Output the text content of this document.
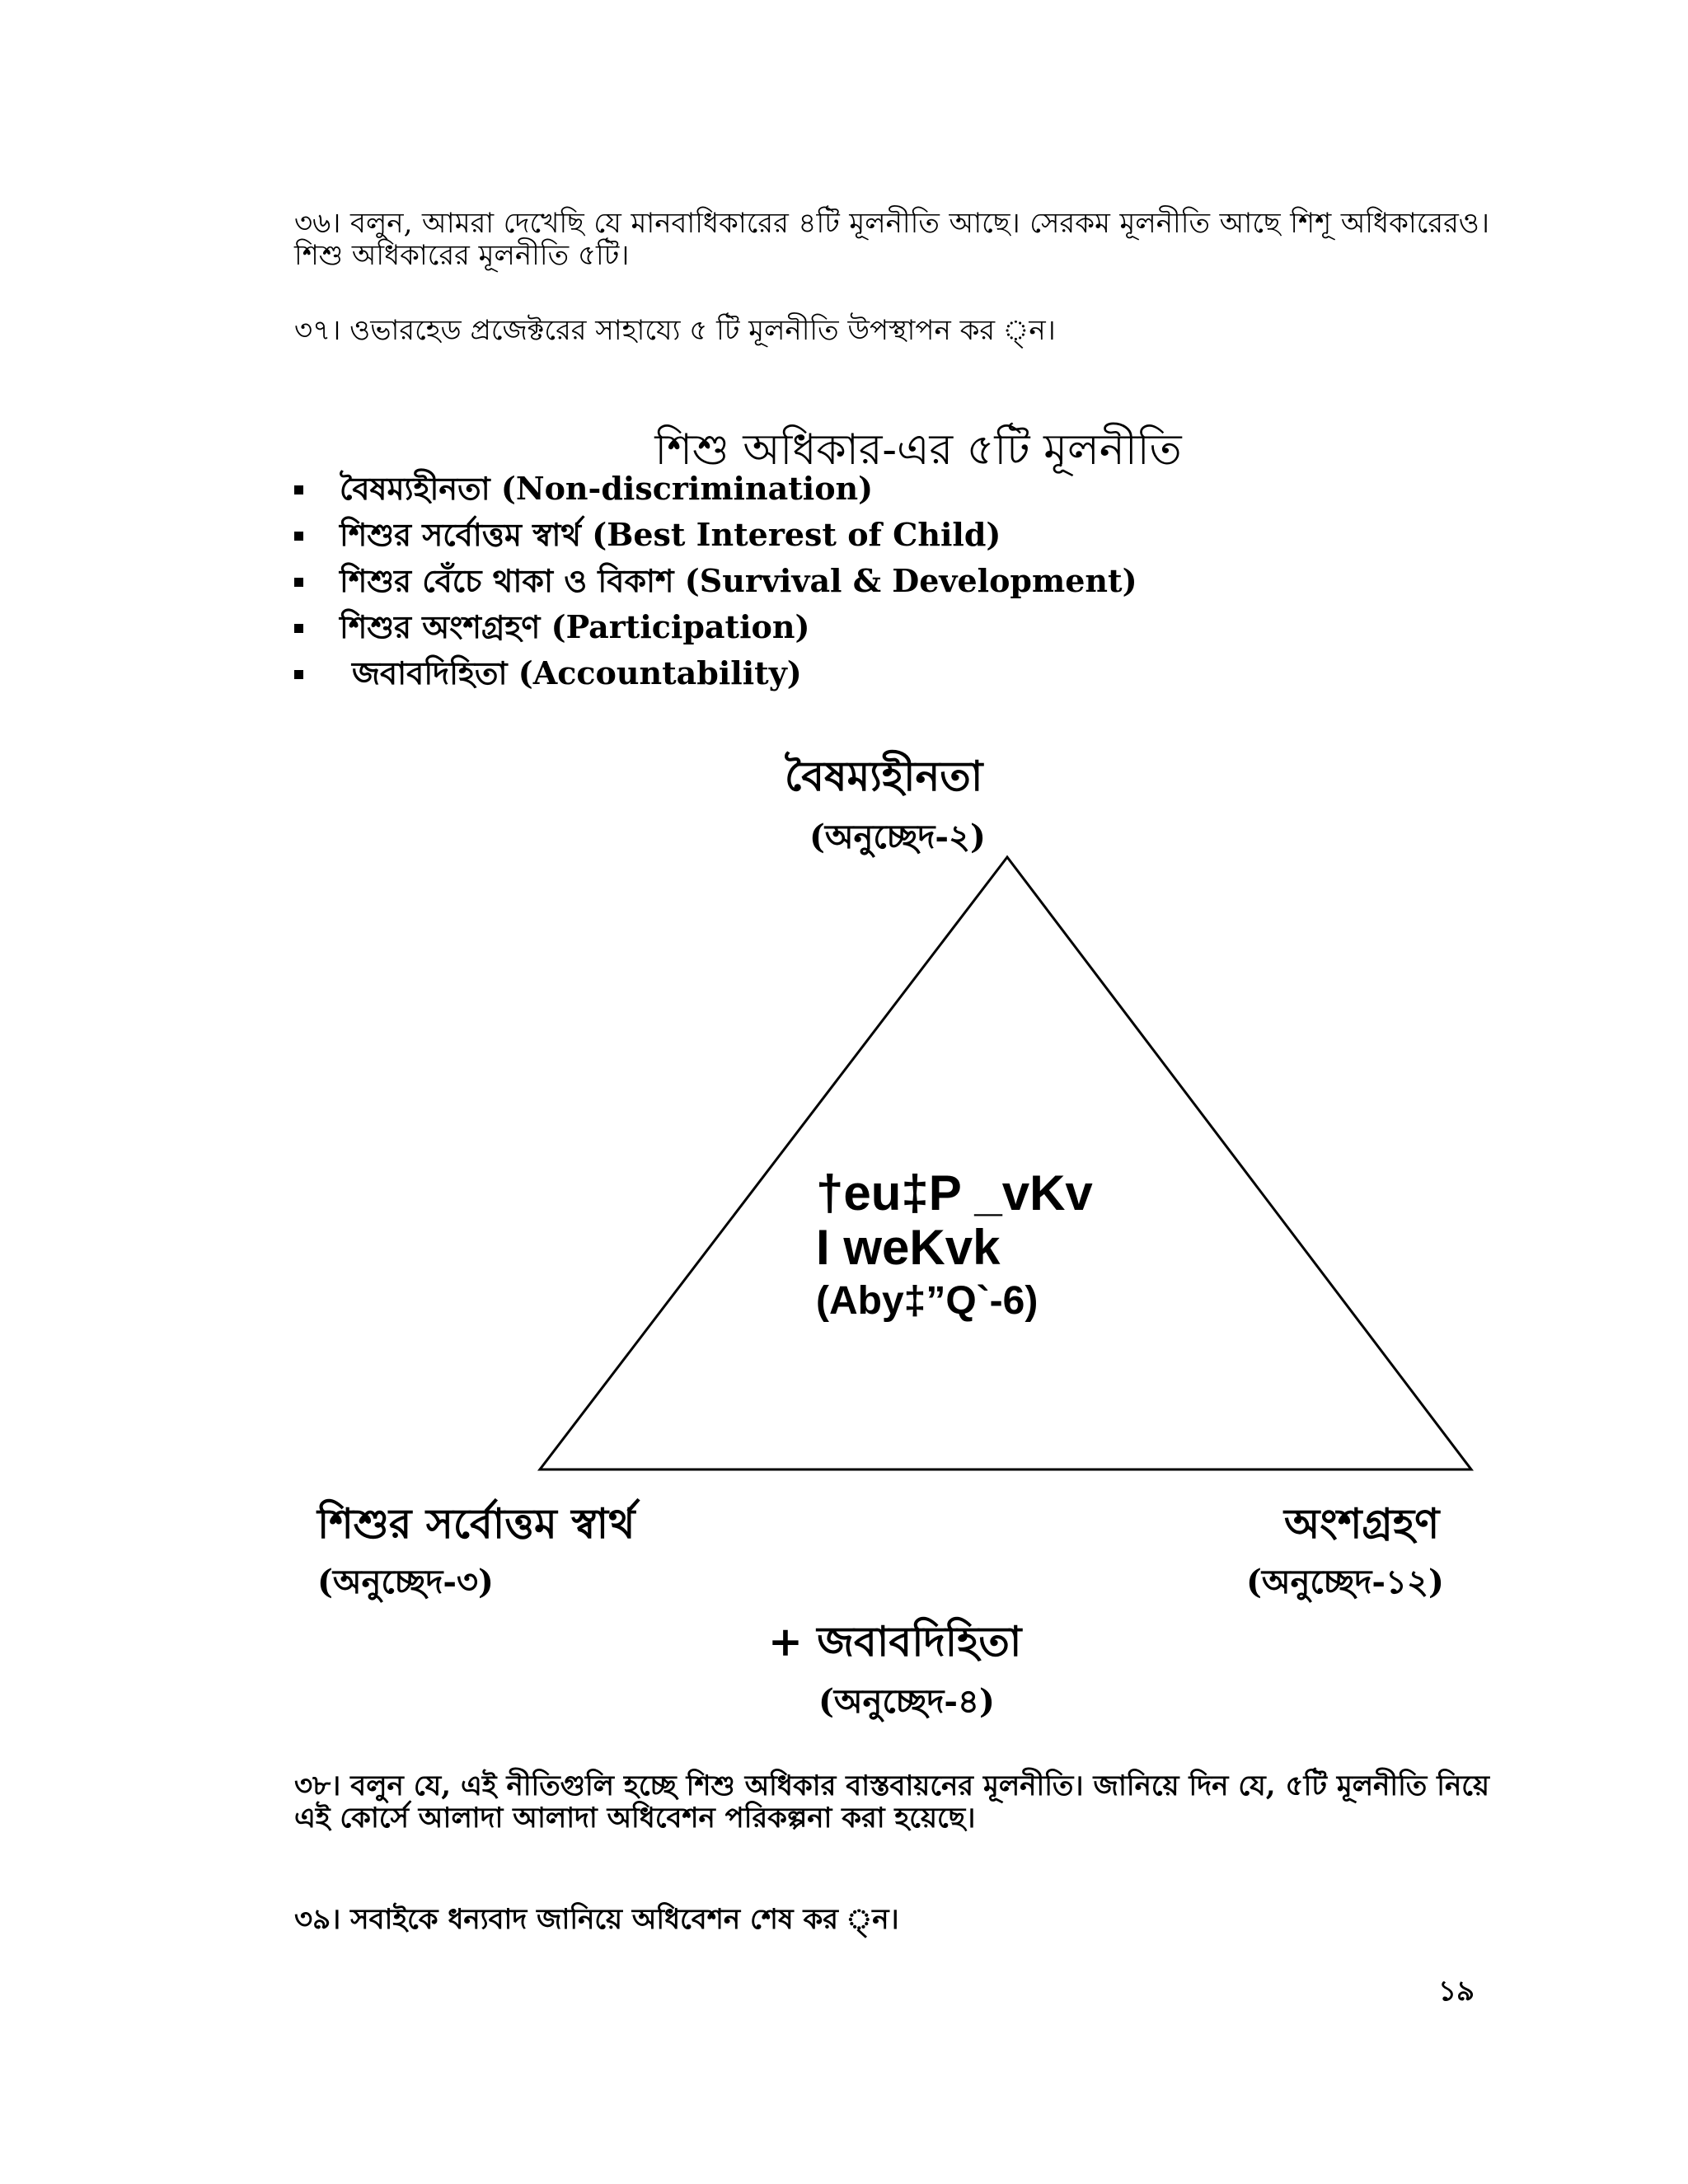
৩৬। বলুন, আমরা দেখেছি যে মানবাধিকারের ৪টি মূলনীতি আছে। সেরকম মূলনীতি আছে শিশূ অধিকারেরও। শিশু অধিকারের মূলনীতি ৫টি।

৩৭। ওভারহেড প্রজেক্টরের সাহায্যে ৫ টি মূলনীতি উপস্থাপন কর ্ন।

শিশু অধিকার-এর ৫টি মূলনীতি
বৈষম্যহীনতা (Non-discrimination)
শিশুর সর্বোত্তম স্বার্থ (Best Interest of Child)
শিশুর বেঁচে থাকা ও বিকাশ (Survival & Development)
শিশুর অংশগ্রহণ (Participation)
জবাবদিহিতা (Accountability)
বৈষম্যহীনতা
(অনুচ্ছেদ-২)
†eu‡P _vKv
I weKvk
(Aby‡”Q`-6)
শিশুর সর্বোত্তম স্বার্থ
(অনুচ্ছেদ-৩)
অংশগ্রহণ
(অনুচ্ছেদ-১২)
+ জবাবদিহিতা
(অনুচ্ছেদ-৪)

৩৮। বলুন যে, এই নীতিগুলি হচ্ছে শিশু অধিকার বাস্তবায়নের মূলনীতি। জানিয়ে দিন যে, ৫টি মূলনীতি নিয়ে এই কোর্সে আলাদা আলাদা অধিবেশন পরিকল্পনা করা হয়েছে।

৩৯। সবাইকে ধন্যবাদ জানিয়ে অধিবেশন শেষ কর ্ন।

১৯
